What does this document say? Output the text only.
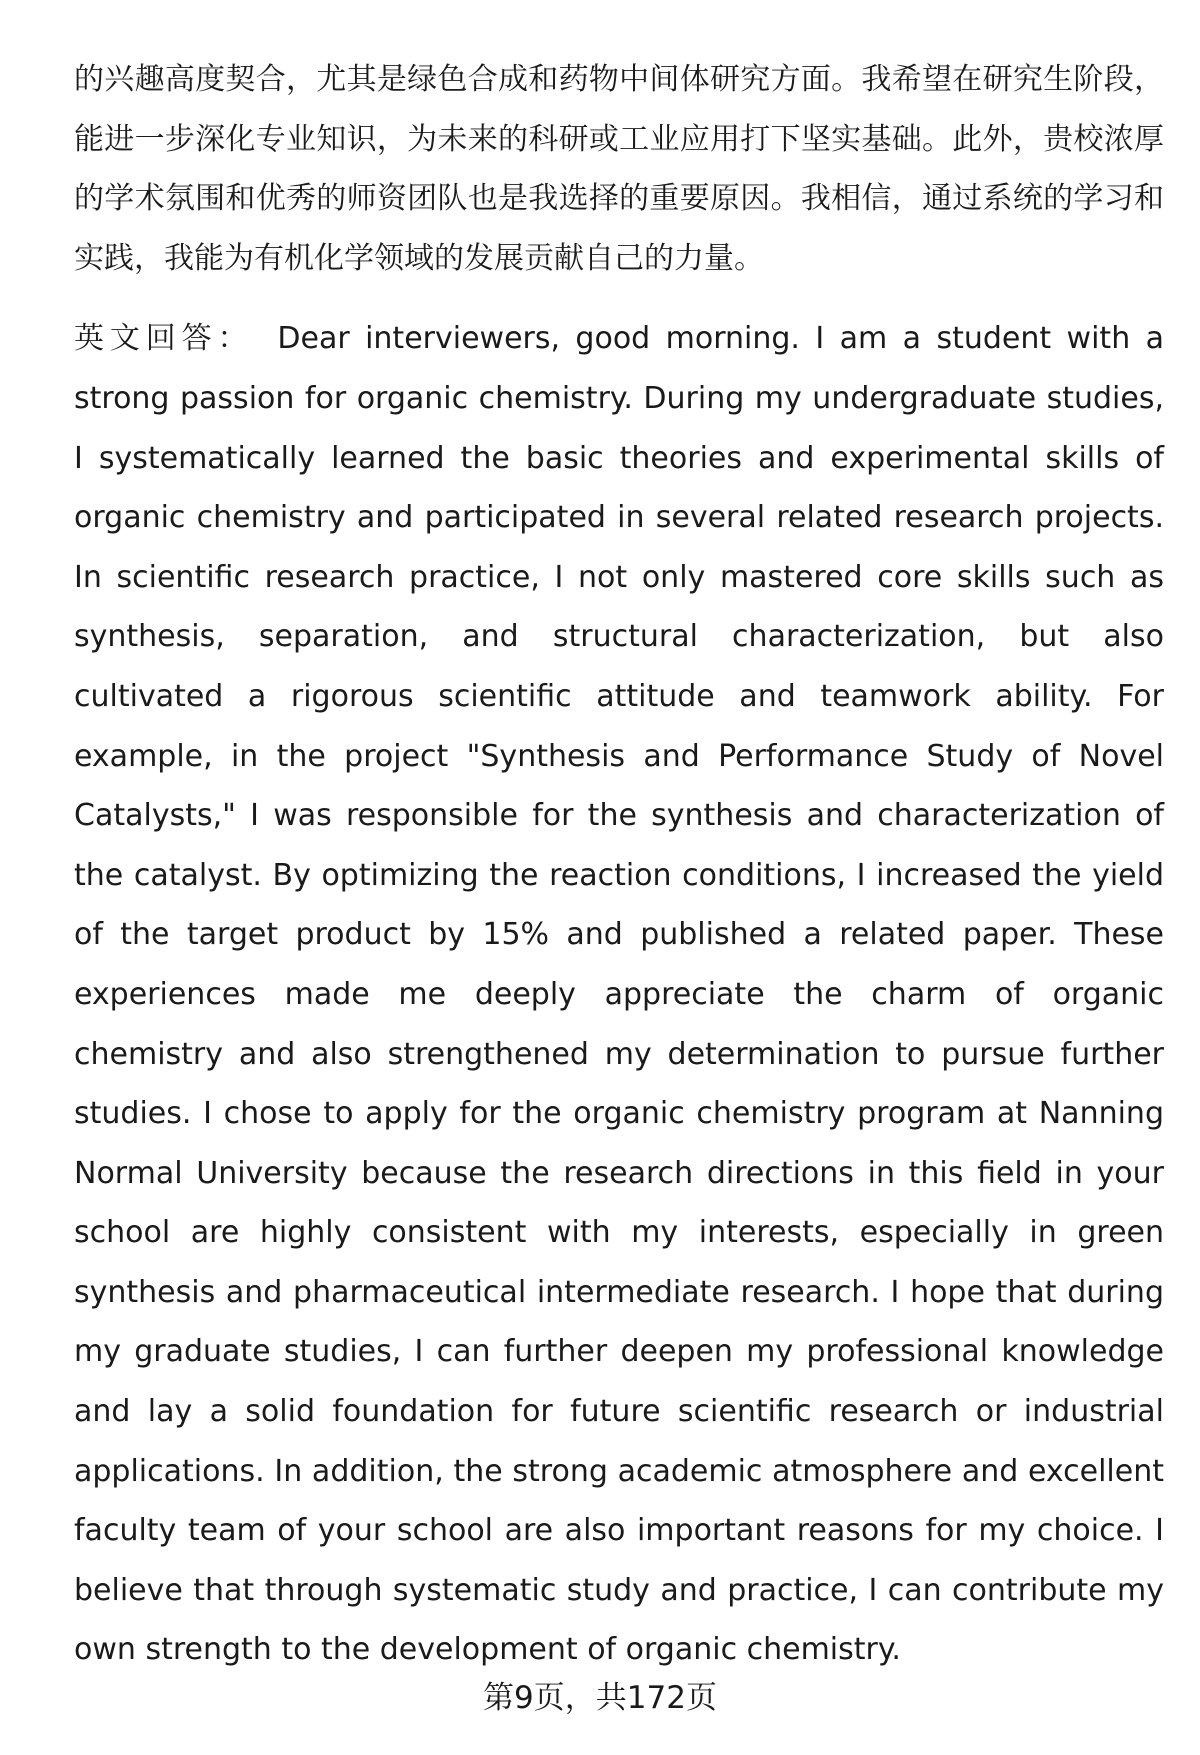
的兴趣高度契合，尤其是绿色合成和药物中间体研究方面。我希望在研究生阶段，能进一步深化专业知识，为未来的科研或工业应用打下坚实基础。此外，贵校浓厚的学术氛围和优秀的师资团队也是我选择的重要原因。我相信，通过系统的学习和实践，我能为有机化学领域的发展贡献自己的力量。

英文回答： Dear interviewers, good morning. I am a student with a strong passion for organic chemistry. During my undergraduate studies, I systematically learned the basic theories and experimental skills of organic chemistry and participated in several related research projects. In scientific research practice, I not only mastered core skills such as synthesis, separation, and structural characterization, but also cultivated a rigorous scientific attitude and teamwork ability. For example, in the project "Synthesis and Performance Study of Novel Catalysts," I was responsible for the synthesis and characterization of the catalyst. By optimizing the reaction conditions, I increased the yield of the target product by 15% and published a related paper. These experiences made me deeply appreciate the charm of organic chemistry and also strengthened my determination to pursue further studies. I chose to apply for the organic chemistry program at Nanning Normal University because the research directions in this field in your school are highly consistent with my interests, especially in green synthesis and pharmaceutical intermediate research. I hope that during my graduate studies, I can further deepen my professional knowledge and lay a solid foundation for future scientific research or industrial applications. In addition, the strong academic atmosphere and excellent faculty team of your school are also important reasons for my choice. I believe that through systematic study and practice, I can contribute my own strength to the development of organic chemistry.

第9页，共172页
